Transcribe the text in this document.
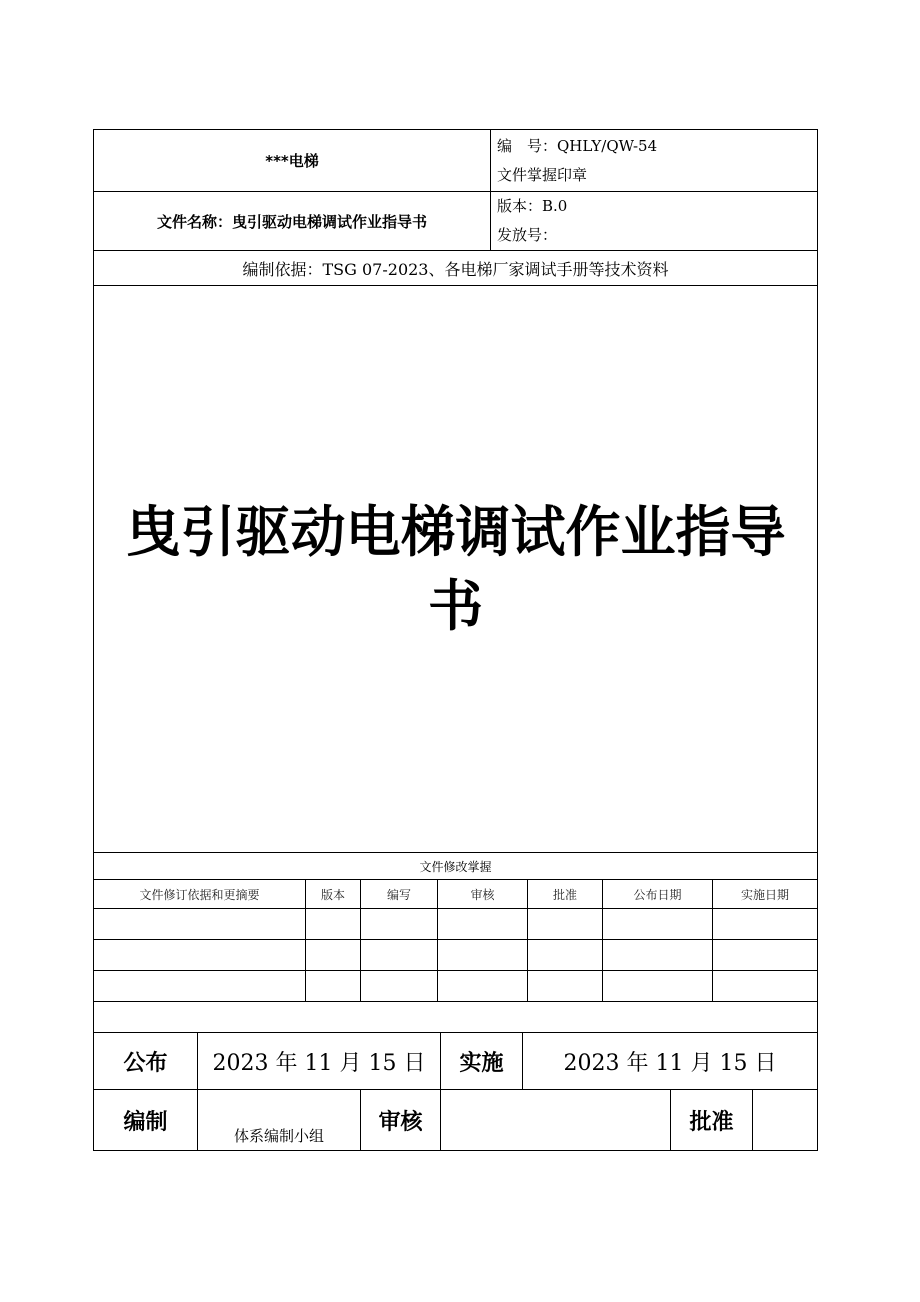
***电梯	编　号：QHLY/QW-54
文件掌握印章

文件名称：曳引驱动电梯调试作业指导书	版本：B.0
发放号：

编制依据：TSG 07-2023、各电梯厂家调试手册等技术资料	

曳引驱动电梯调试作业指导
书	
文件修改掌握						
文件修订依据和更摘要	版本	编写	审核	批准	公布日期	实施日期

公布	2023 年 11 月 15 日		实施	2023 年 11 月 15 日		
编制	体系编制小组	审核			批准	
